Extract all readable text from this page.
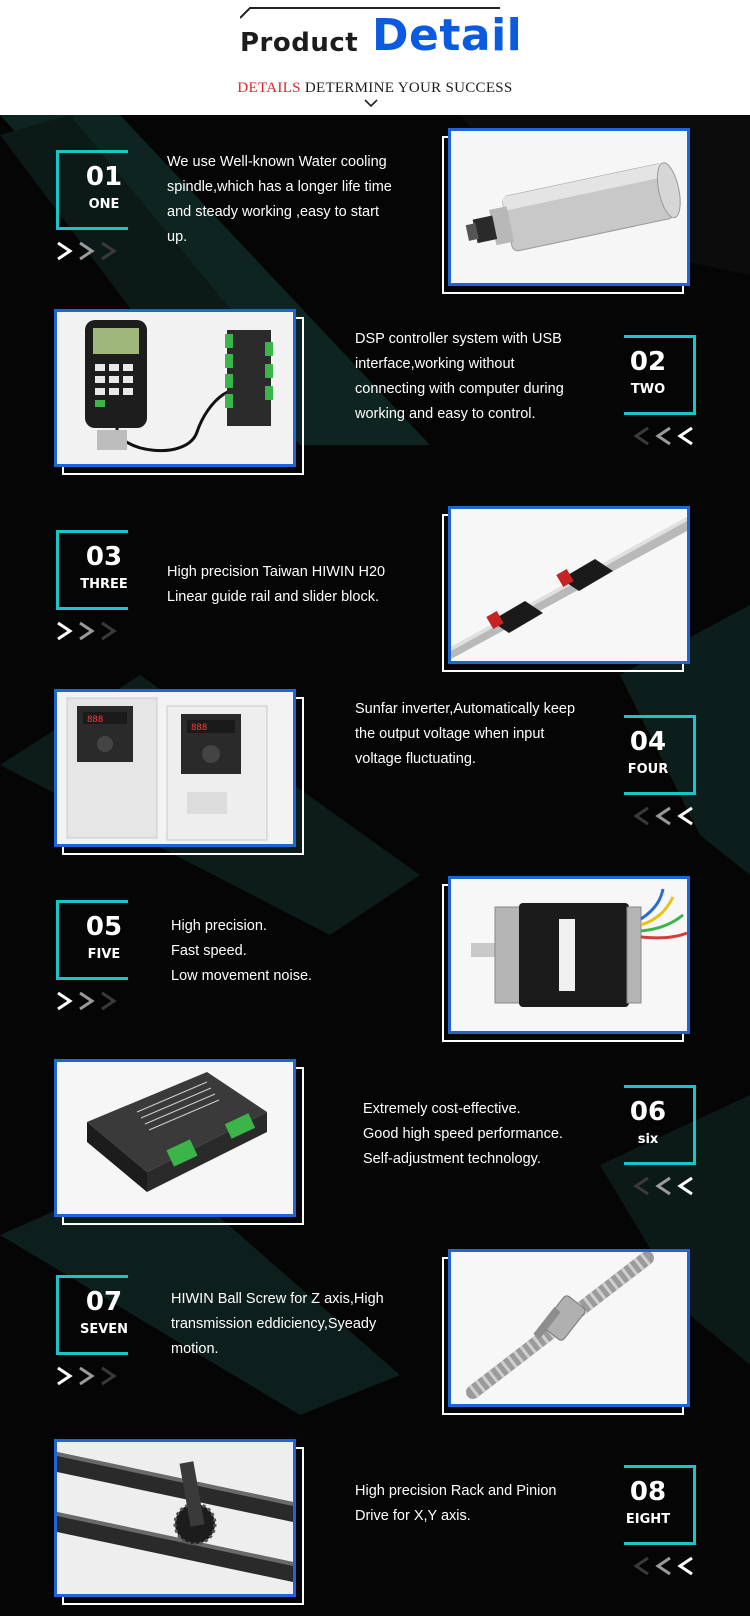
Product Detail
DETAILS DETERMINE YOUR SUCCESS
01
ONE
We use Well-known Water cooling
spindle,which has a longer life time
and steady working ,easy to start
up.
DSP controller system with USB
interface,working without
connecting with computer during
working and easy to control.
02
TWO
03
THREE
High precision Taiwan HIWIN H20
Linear guide rail and slider block.
888
888
Sunfar inverter,Automatically keep
the output voltage when input
voltage fluctuating.
04
FOUR
05
FIVE
High precision.
Fast speed.
Low movement noise.
Extremely cost-effective.
Good high speed performance.
Self-adjustment technology.
06
six
07
SEVEN
HIWIN Ball Screw for Z axis,High
transmission eddiciency,Syeady
motion.
High precision Rack and Pinion
Drive for X,Y axis.
08
EIGHT
